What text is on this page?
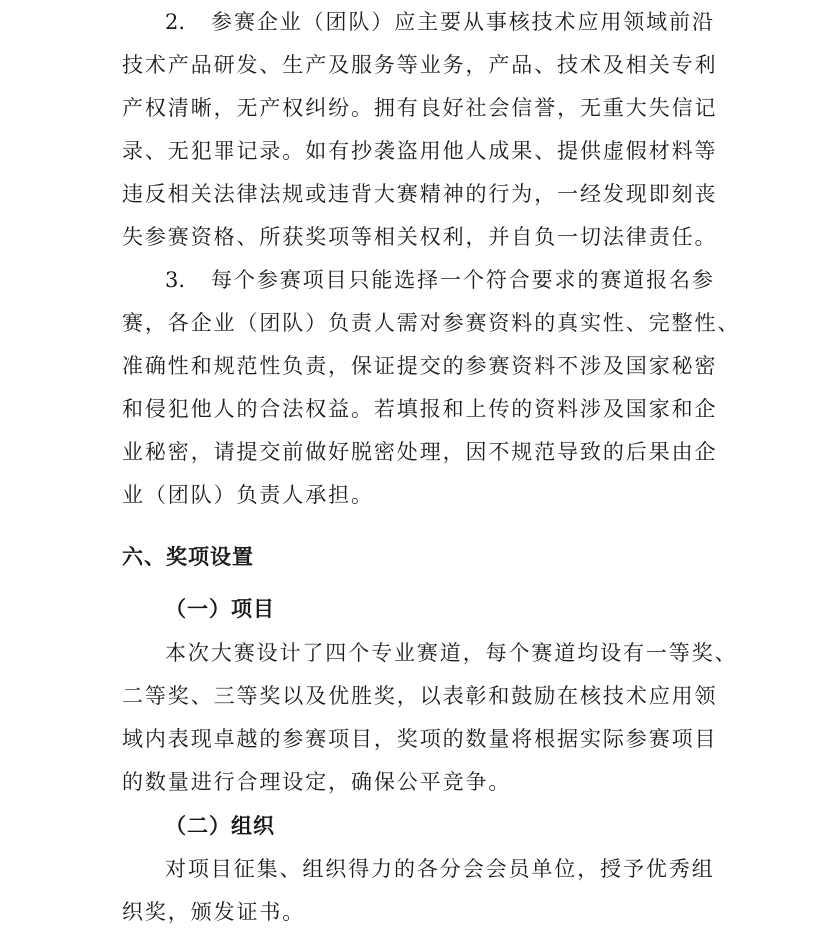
2. 参赛企业（团队）应主要从事核技术应用领域前沿
技术产品研发、生产及服务等业务，产品、技术及相关专利
产权清晰，无产权纠纷。拥有良好社会信誉，无重大失信记
录、无犯罪记录。如有抄袭盗用他人成果、提供虚假材料等
违反相关法律法规或违背大赛精神的行为，一经发现即刻丧
失参赛资格、所获奖项等相关权利，并自负一切法律责任。
3. 每个参赛项目只能选择一个符合要求的赛道报名参
赛，各企业（团队）负责人需对参赛资料的真实性、完整性、
准确性和规范性负责，保证提交的参赛资料不涉及国家秘密
和侵犯他人的合法权益。若填报和上传的资料涉及国家和企
业秘密，请提交前做好脱密处理，因不规范导致的后果由企
业（团队）负责人承担。
六、奖项设置
（一）项目
本次大赛设计了四个专业赛道，每个赛道均设有一等奖、
二等奖、三等奖以及优胜奖，以表彰和鼓励在核技术应用领
域内表现卓越的参赛项目，奖项的数量将根据实际参赛项目
的数量进行合理设定，确保公平竞争。
（二）组织
对项目征集、组织得力的各分会会员单位，授予优秀组
织奖，颁发证书。
